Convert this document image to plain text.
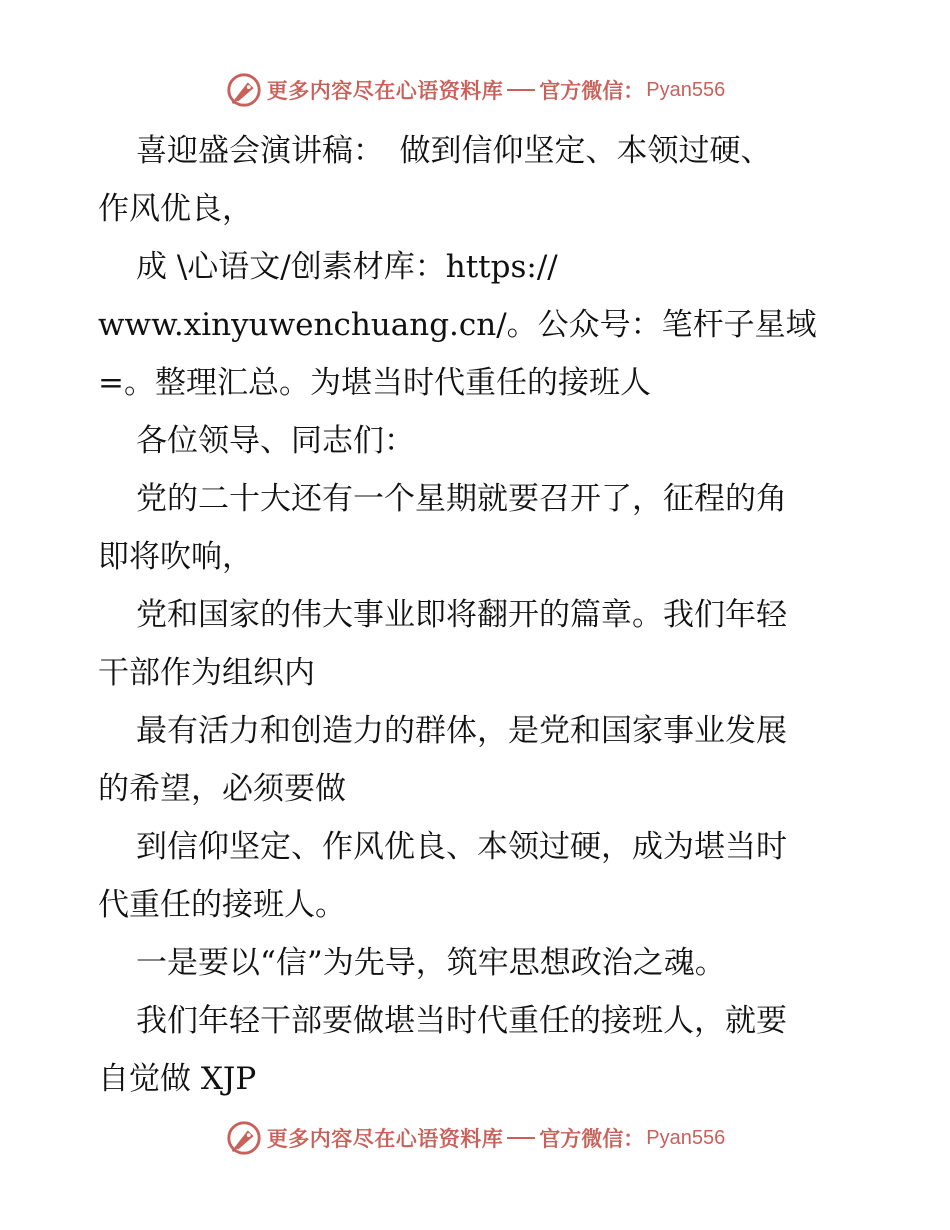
更多内容尽在心语资料库 官方微信： Pyan556
喜迎盛会演讲稿：　做到信仰坚定、本领过硬、
作风优良，
成 \心语文/创素材库：https://
www.xinyuwenchuang.cn/。公众号：笔杆子星域
=。整理汇总。为堪当时代重任的接班人
各位领导、同志们：
党的二十大还有一个星期就要召开了，征程的角
即将吹响，
党和国家的伟大事业即将翻开的篇章。我们年轻
干部作为组织内
最有活力和创造力的群体，是党和国家事业发展
的希望，必须要做
到信仰坚定、作风优良、本领过硬，成为堪当时
代重任的接班人。
一是要以“信”为先导，筑牢思想政治之魂。
我们年轻干部要做堪当时代重任的接班人，就要
自觉做 XJP
更多内容尽在心语资料库 官方微信： Pyan556
